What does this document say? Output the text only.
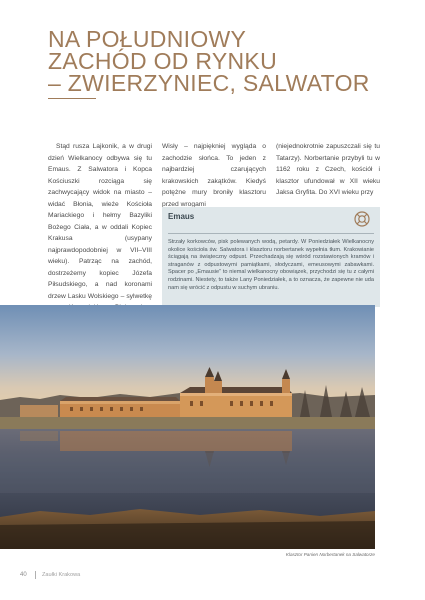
NA POŁUDNIOWY
ZACHÓD OD RYNKU
– ZWIERZYNIEC, SALWATOR

Stąd rusza Lajkonik, a w drugi dzień Wielkanocy odbywa się tu Emaus. Z Salwatora i Kopca Kościuszki rozciąga się zachwycający widok na miasto – widać Błonia, wieże Kościoła Mariackiego i hełmy Bazyliki Bożego Ciała, a w oddali Kopiec Krakusa (usypany najprawdopodobniej w VII–VIII wieku). Patrząc na zachód, dostrzeżemy kopiec Józefa Piłsudskiego, a nad koronami drzew Lasku Wolskiego – sylwetkę

Wisły – najpiękniej wygląda o zachodzie słońca. To jeden z najbardziej czarujących krakowskich zakątków. Kiedyś potężne mury broniły klasztoru przed wrogami
(niejednokrotnie zapuszczali się tu Tatarzy). Norbertanie przybyli tu w 1162 roku z Czech, kościół i klasztor ufundował w XII wieku Jaksa Gryfita. Do XVI wieku przy
Emaus
Strzały korkowców, pisk polewanych wodą, petardy. W Poniedziałek Wielkanocny okolice kościoła św. Salwatora i klasztoru norbertanek wypełnia tłum. Krakowianie ściągają na świąteczny odpust. Przechadzają się wśród rozstawionych kramów i straganów z odpustowymi pamiątkami, słodyczami, emeusowymi zabawkami. Spacer po „Emausie” to niemal wielkanocny obowiązek, przychodzi się tu z całymi rodzinami. Niestety, to także Lany Poniedziałek, a to oznacza, że zapewne nie uda nam się wrócić z odpustu w suchym ubraniu.
Klasztor Panien Norbertanek na Salwatorze
40	Zaułki Krakowa
